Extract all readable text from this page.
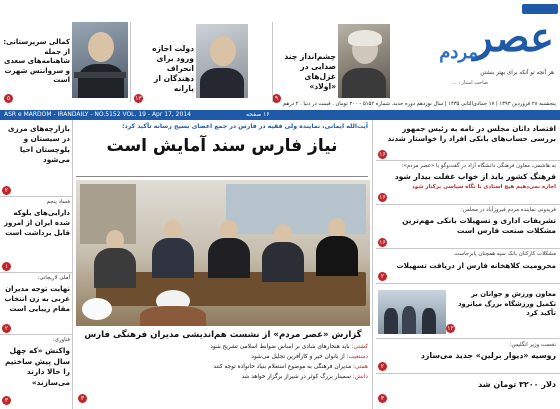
چشم‌انداز چند صدایی در غزل‌های «اولاد»
۹
دولت اجازه ورود برای انحراف دهندگان از یارانه
۱۳
کمالی سرپرستانی: از جمله شاهنامه‌های سعدی و سروانتس شهرت است
۵
عصر
مردم
هر آنچه تو آنکه برای بهتر بنشتن
صاحب امتیاز : ...
پنجشنبه ۲۸ فروردین ۱۳۹۳ | ۱۷ جمادی‌الثانی ۱۴۳۵ | سال نوزدهم دوره جدید. شماره ۵۱۵۲ - ۲۰۰ تومان . قیمت در دنیا . ۲ درهم
ASR e MARDOM - IRANDAILY - NO.5152 VOL. 19 - Apr 17, 2014	۱۶ صفحه
اقتصاد دانان مجلس در نامه به رئیس جمهور بررسی حساب‌های بانکی افراد را خواستار شدند
۱۶
به هاشمی، معاون فرهنگی دانشگاه آزاد در گفت‌وگو با «عصر مردم»:
فرهنگ کشور باید از خواب غفلت بیدار شود
اجازه نمی‌دهیم هیچ استادی با نگاه سیاسی برکنار شود
۱۶
فریدونی نماینده مردم فیروزآباد در مجلس:
تشریفات اداری و تسهیلات بانکی مهم‌ترین مشکلات صنعت فارس است
۱۶
مشکلات کارکنان بانک سپه همچنان پابرجاست
محرومیت کلاهخانه فارس از دریافت تسهیلات
۲
معاون ورزش و جوانان بر تکمیل ورزشگاه بزرگ میانرود تأکید کرد
۱۲
نخست وزیر انگلیس:
روسیه «دیوار برلین» جدید می‌سازد
۲
دلار ۳۲۰۰ تومان شد
۳
آیت‌الله ایمانی، نماینده ولی فقیه در فارس در جمع اعضای بسیج رسانه تأکید کرد:
نیاز فارس سند آمایش است
گزارش «عصر مردم» از نشست هم‌اندیشی مدیران فرهنگی فارس
۳
کشتی: باید هنجارهای شادی بر اساس ضوابط اسلامی تشریح شود
دستغیب: از بانوان خیر و کارآفرین تجلیل می‌شود
همتی: مدیران فرهنگی به موضوع استعلام بنیاد خانواده توجه کنند
دانش: سمینار بزرگ کوثر در شیراز برگزار خواهد شد
بازارچه‌های مرزی در سیستان و بلوچستان احیا می‌شود
۲
فساد پنجم
دارایی‌های بلوکه شده ایران از امروز قابل برداشت است
۱
آملی لاریجانی:
نهایت توجه مدیران غربی به زن انتخاب مقام زیبایی است
۲
فناوری:
واکنش «که چهل سال پیش ساختیم را حالا دارند می‌سازند»
۳
